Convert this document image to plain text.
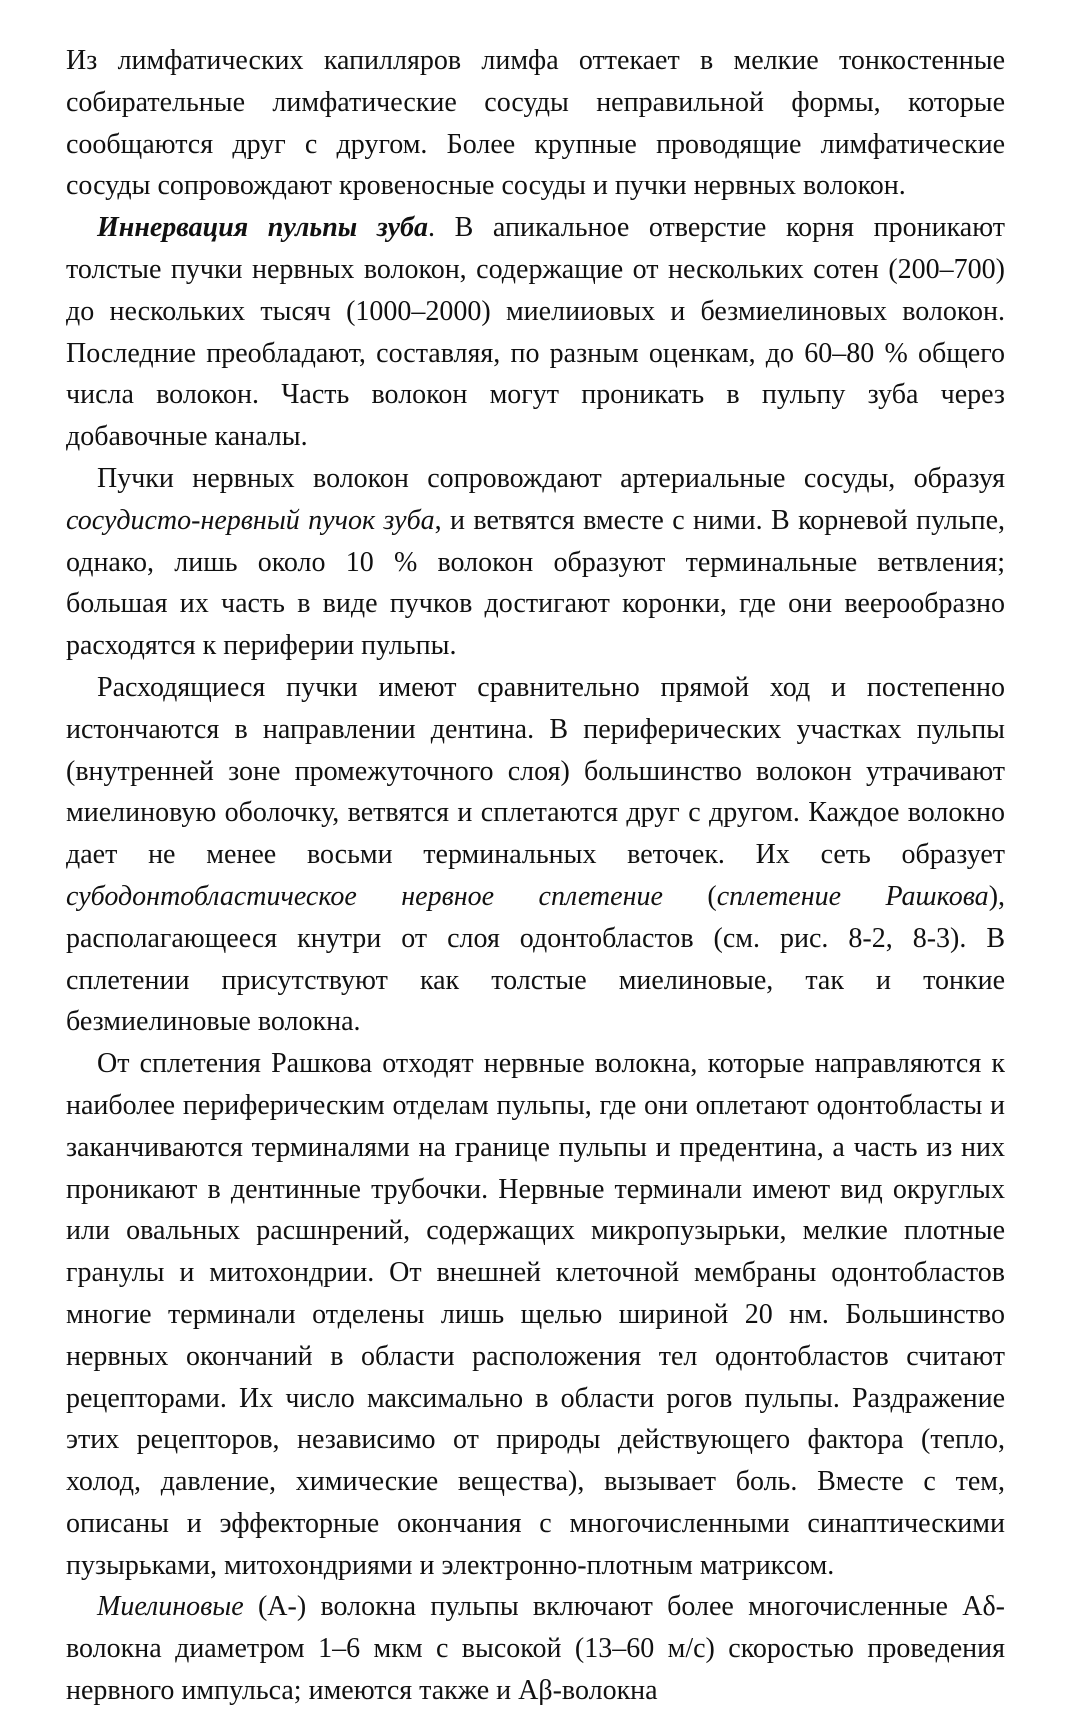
Из лимфатических капилляров лимфа оттекает в мелкие тонкостенные собирательные лимфатические сосуды неправильной формы, которые сообщаются друг с другом. Более крупные проводящие лимфатические сосуды сопровождают кровеносные сосуды и пучки нервных волокон.

Иннервация пульпы зуба. В апикальное отверстие корня проникают толстые пучки нервных волокон, содержащие от нескольких сотен (200–700) до нескольких тысяч (1000–2000) миелииовых и безмиелиновых волокон. Последние преобладают, составляя, по разным оценкам, до 60–80 % общего числа волокон. Часть волокон могут проникать в пульпу зуба через добавочные каналы.

Пучки нервных волокон сопровождают артериальные сосуды, образуя сосудисто-нервный пучок зуба, и ветвятся вместе с ними. В корневой пульпе, однако, лишь около 10 % волокон образуют терминальные ветвления; большая их часть в виде пучков достигают коронки, где они веерообразно расходятся к периферии пульпы.

Расходящиеся пучки имеют сравнительно прямой ход и постепенно истончаются в направлении дентина. В периферических участках пульпы (внутренней зоне промежуточного слоя) большинство волокон утрачивают миелиновую оболочку, ветвятся и сплетаются друг с другом. Каждое волокно дает не менее восьми терминальных веточек. Их сеть образует субодонтобластическое нервное сплетение (сплетение Рашкова), располагающееся кнутри от слоя одонтобластов (см. рис. 8-2, 8-3). В сплетении присутствуют как толстые миелиновые, так и тонкие безмиелиновые волокна.

От сплетения Рашкова отходят нервные волокна, которые направляются к наиболее периферическим отделам пульпы, где они оплетают одонтобласты и заканчиваются терминалями на границе пульпы и предентина, а часть из них проникают в дентинные трубочки. Нервные терминали имеют вид округлых или овальных расшнрений, содержащих микропузырьки, мелкие плотные гранулы и митохондрии. От внешней клеточной мембраны одонтобластов многие терминали отделены лишь щелью шириной 20 нм. Большинство нервных окончаний в области расположения тел одонтобластов считают рецепторами. Их число максимально в области рогов пульпы. Раздражение этих рецепторов, независимо от природы действующего фактора (тепло, холод, давление, химические вещества), вызывает боль. Вместе с тем, описаны и эффекторные окончания с многочисленными синаптическими пузырьками, митохондриями и электронно-плотным матриксом.

Миелиновые (А-) волокна пульпы включают более многочисленные Аδ-волокна диаметром 1–6 мкм с высокой (13–60 м/с) скоростью проведения нервного импульса; имеются также и Аβ-волокна
